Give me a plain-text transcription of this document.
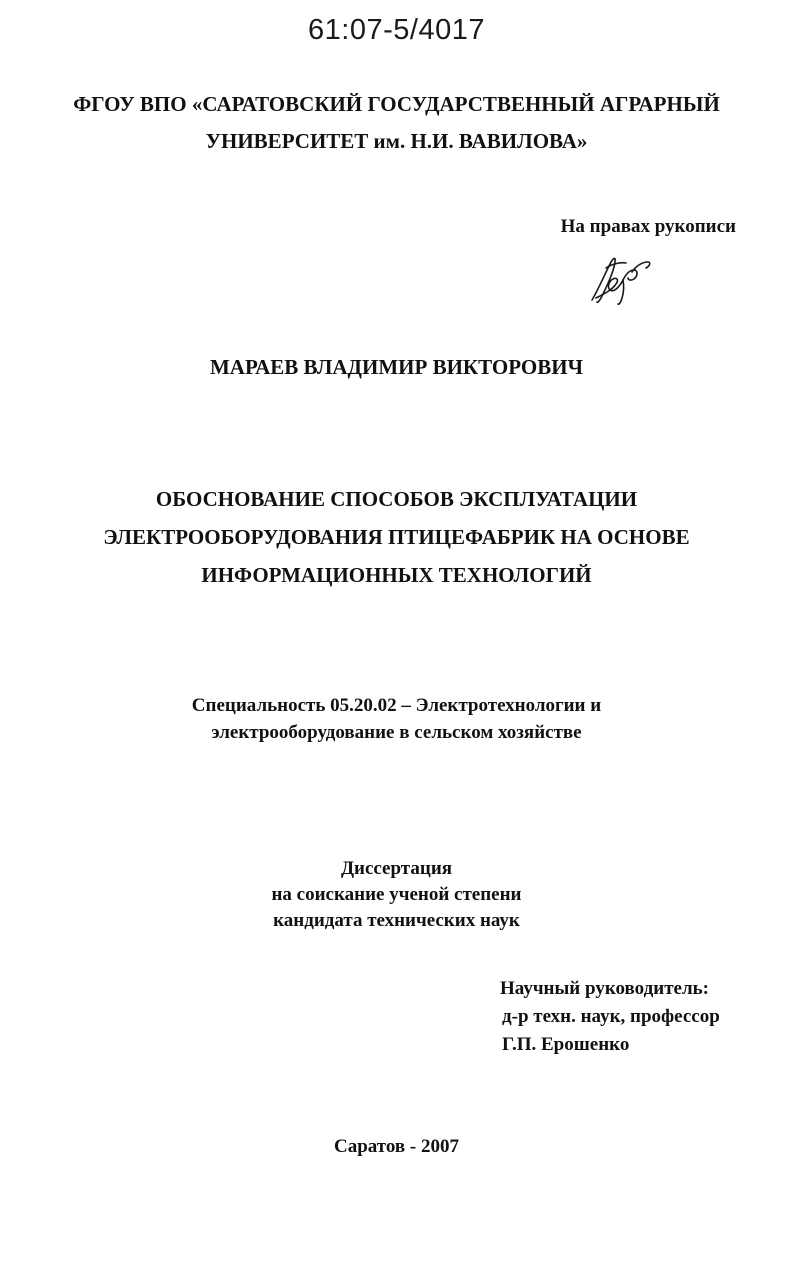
61:07-5/4017

ФГОУ ВПО «САРАТОВСКИЙ ГОСУДАРСТВЕННЫЙ АГРАРНЫЙ
УНИВЕРСИТЕТ им. Н.И. ВАВИЛОВА»

На правах рукописи

МАРАЕВ ВЛАДИМИР ВИКТОРОВИЧ

ОБОСНОВАНИЕ СПОСОБОВ ЭКСПЛУАТАЦИИ
ЭЛЕКТРООБОРУДОВАНИЯ ПТИЦЕФАБРИК НА ОСНОВЕ
ИНФОРМАЦИОННЫХ ТЕХНОЛОГИЙ
Специальность 05.20.02 – Электротехнологии и
электрооборудование в сельском хозяйстве
Диссертация
на соискание ученой степени
кандидата технических наук
Научный руководитель:
д-р техн. наук, профессор
Г.П. Ерошенко

Саратов - 2007
